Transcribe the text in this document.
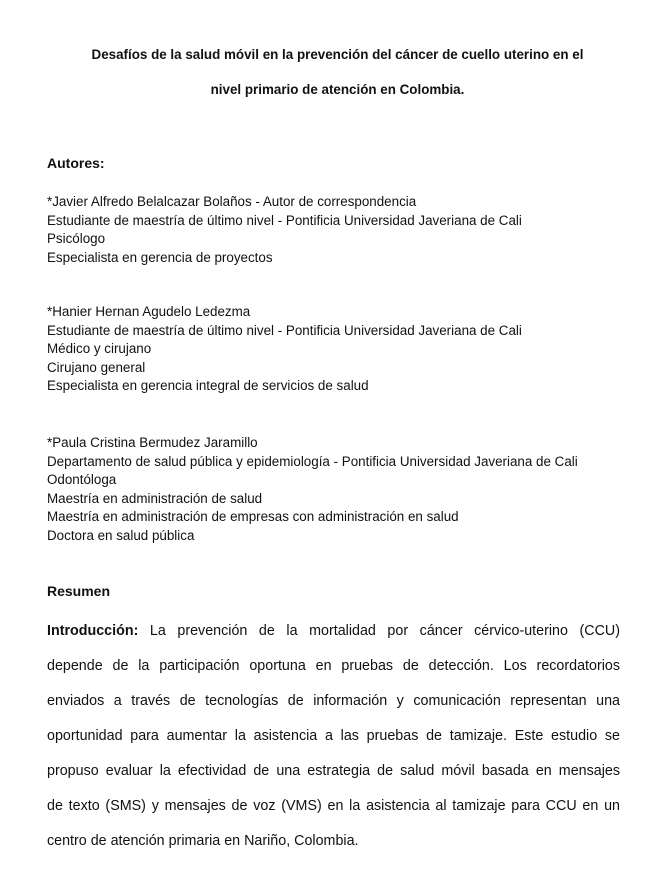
Desafíos de la salud móvil en la prevención del cáncer de cuello uterino en el
nivel primario de atención en Colombia.
Autores:
*Javier Alfredo Belalcazar Bolaños - Autor de correspondencia
Estudiante de maestría de último nivel - Pontificia Universidad Javeriana de Cali
Psicólogo
Especialista en gerencia de proyectos
*Hanier Hernan Agudelo Ledezma
Estudiante de maestría de último nivel - Pontificia Universidad Javeriana de Cali
Médico y cirujano
Cirujano general
Especialista en gerencia integral de servicios de salud
*Paula Cristina Bermudez Jaramillo
Departamento de salud pública y epidemiología - Pontificia Universidad Javeriana de Cali
Odontóloga
Maestría en administración de salud
Maestría en administración de empresas con administración en salud
Doctora en salud pública
Resumen
Introducción: La prevención de la mortalidad por cáncer cérvico-uterino (CCU)
depende de la participación oportuna en pruebas de detección. Los recordatorios
enviados a través de tecnologías de información y comunicación representan una
oportunidad para aumentar la asistencia a las pruebas de tamizaje. Este estudio se
propuso evaluar la efectividad de una estrategia de salud móvil basada en mensajes
de texto (SMS) y mensajes de voz (VMS) en la asistencia al tamizaje para CCU en un
centro de atención primaria en Nariño, Colombia.
